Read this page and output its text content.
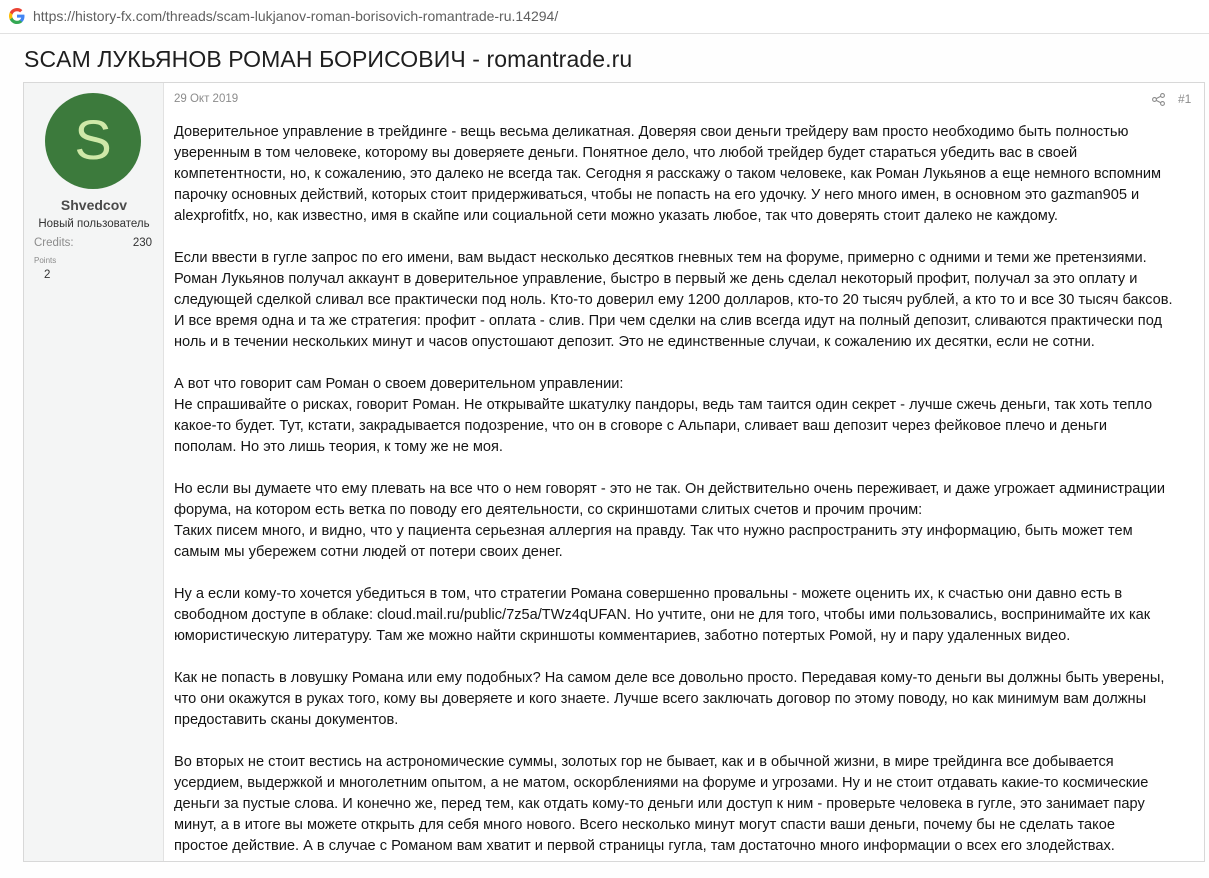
https://history-fx.com/threads/scam-lukjanov-roman-borisovich-romantrade-ru.14294/
SCAM ЛУКЬЯНОВ РОМАН БОРИСОВИЧ - romantrade.ru
S
Shvedcov
Новый пользователь
Credits:	230
Points
2
29 Окт 2019	#1

Доверительное управление в трейдинге - вещь весьма деликатная. Доверяя свои деньги трейдеру вам просто необходимо быть полностью
уверенным в том человеке, которому вы доверяете деньги. Понятное дело, что любой трейдер будет стараться убедить вас в своей
компетентности, но, к сожалению, это далеко не всегда так. Сегодня я расскажу о таком человеке, как Роман Лукьянов а еще немного вспомним
парочку основных действий, которых стоит придерживаться, чтобы не попасть на его удочку. У него много имен, в основном это gazman905 и
alexprofitfx, но, как известно, имя в скайпе или социальной сети можно указать любое, так что доверять стоит далеко не каждому.

Если ввести в гугле запрос по его имени, вам выдаст несколько десятков гневных тем на форуме, примерно с одними и теми же претензиями.
Роман Лукьянов получал аккаунт в доверительное управление, быстро в первый же день сделал некоторый профит, получал за это оплату и
следующей сделкой сливал все практически под ноль. Кто-то доверил ему 1200 долларов, кто-то 20 тысяч рублей, а кто то и все 30 тысяч баксов.
И все время одна и та же стратегия: профит - оплата - слив. При чем сделки на слив всегда идут на полный депозит, сливаются практически под
ноль и в течении нескольких минут и часов опустошают депозит. Это не единственные случаи, к сожалению их десятки, если не сотни.

А вот что говорит сам Роман о своем доверительном управлении:
Не спрашивайте о рисках, говорит Роман. Не открывайте шкатулку пандоры, ведь там таится один секрет - лучше сжечь деньги, так хоть тепло
какое-то будет. Тут, кстати, закрадывается подозрение, что он в сговоре с Альпари, сливает ваш депозит через фейковое плечо и деньги
пополам. Но это лишь теория, к тому же не моя.

Но если вы думаете что ему плевать на все что о нем говорят - это не так. Он действительно очень переживает, и даже угрожает администрации
форума, на котором есть ветка по поводу его деятельности, со скриншотами слитых счетов и прочим прочим:
Таких писем много, и видно, что у пациента серьезная аллергия на правду. Так что нужно распространить эту информацию, быть может тем
самым мы убережем сотни людей от потери своих денег.

Ну а если кому-то хочется убедиться в том, что стратегии Романа совершенно провальны - можете оценить их, к счастью они давно есть в
свободном доступе в облаке: cloud.mail.ru/public/7z5a/TWz4qUFAN. Но учтите, они не для того, чтобы ими пользовались, воспринимайте их как
юмористическую литературу. Там же можно найти скриншоты комментариев, заботно потертых Ромой, ну и пару удаленных видео.

Как не попасть в ловушку Романа или ему подобных? На самом деле все довольно просто. Передавая кому-то деньги вы должны быть уверены,
что они окажутся в руках того, кому вы доверяете и кого знаете. Лучше всего заключать договор по этому поводу, но как минимум вам должны
предоставить сканы документов.

Во вторых не стоит вестись на астрономические суммы, золотых гор не бывает, как и в обычной жизни, в мире трейдинга все добывается
усердием, выдержкой и многолетним опытом, а не матом, оскорблениями на форуме и угрозами. Ну и не стоит отдавать какие-то космические
деньги за пустые слова. И конечно же, перед тем, как отдать кому-то деньги или доступ к ним - проверьте человека в гугле, это занимает пару
минут, а в итоге вы можете открыть для себя много нового. Всего несколько минут могут спасти ваши деньги, почему бы не сделать такое
простое действие. А в случае с Романом вам хватит и первой страницы гугла, там достаточно много информации о всех его злодействах.
